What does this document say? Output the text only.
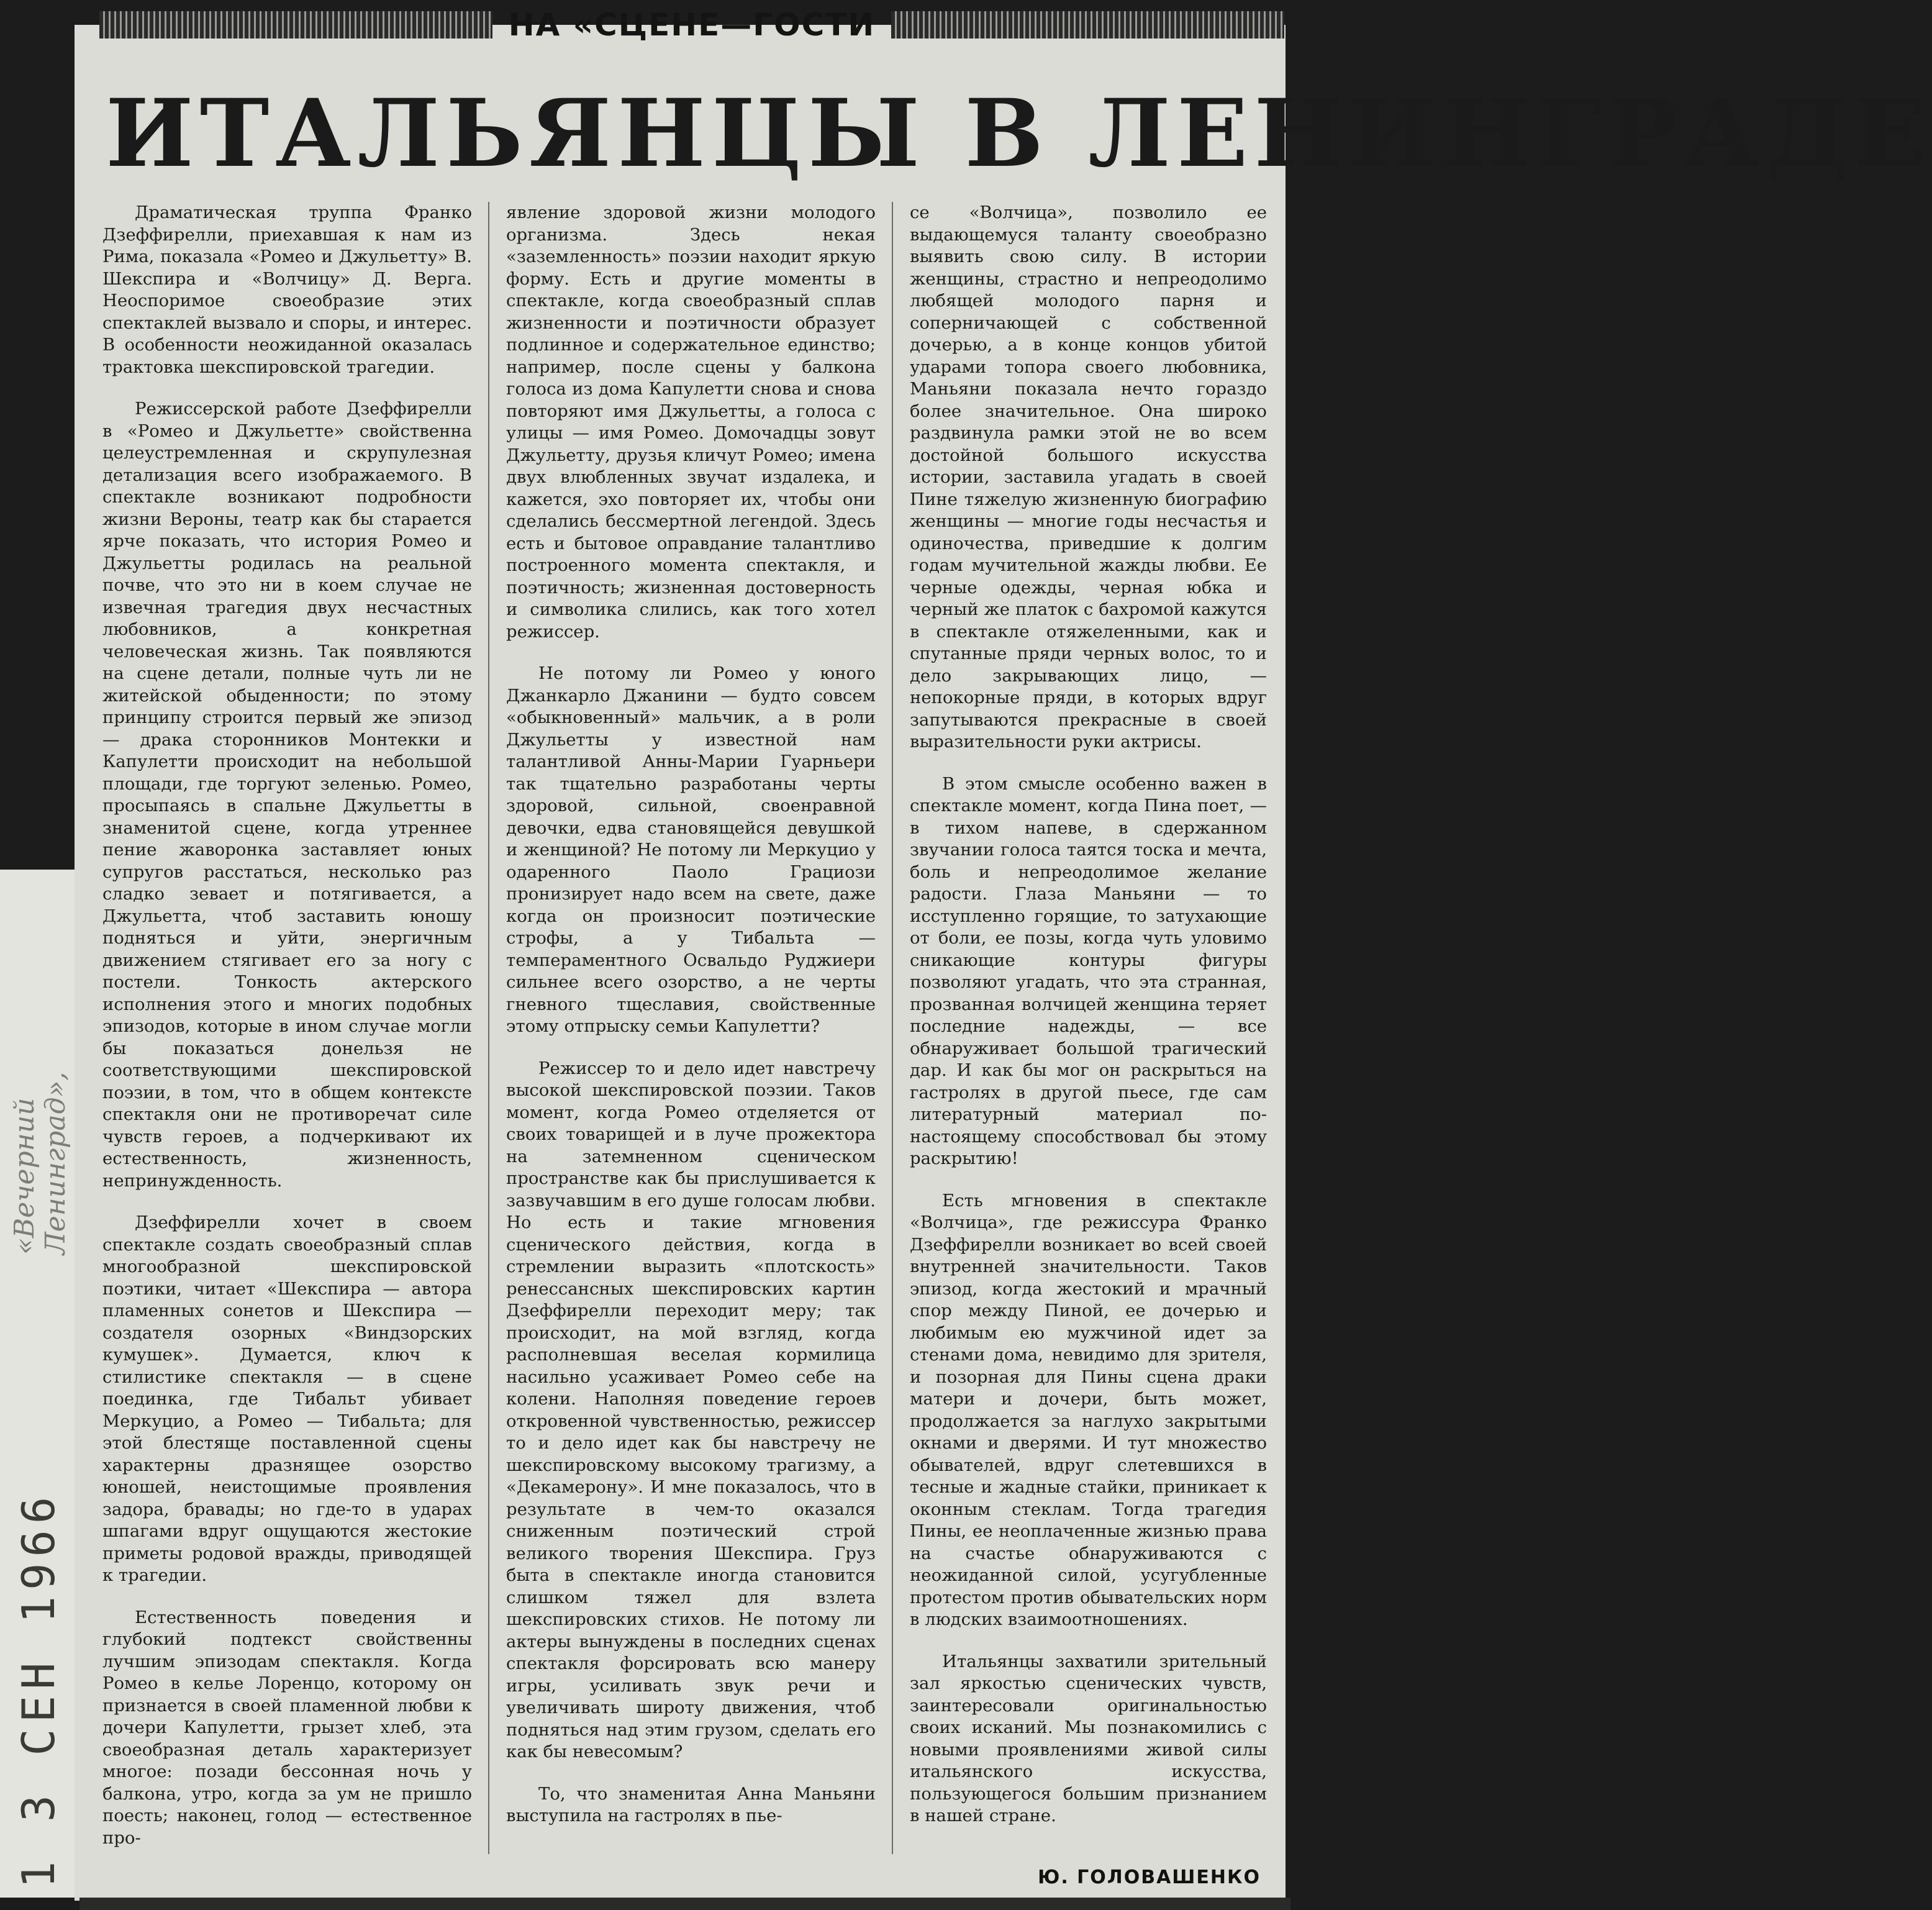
«Вечерний Ленинград»,

1 3 СЕН 1966
НА «СЦЕНЕ—ГОСТИ
ИТАЛЬЯНЦЫ В ЛЕНИНГРАДЕ

Драматическая труппа Франко Дзеффирелли, приехавшая к нам из Рима, показала «Ромео и Джульетту» В. Шекспира и «Волчицу» Д. Верга. Неоспоримое своеобразие этих спектаклей вызвало и споры, и интерес. В особенности неожиданной оказалась трактовка шекспировской трагедии.

Режиссерской работе Дзеффирелли в «Ромео и Джульетте» свойственна целеустремленная и скрупулезная детализация всего изображаемого. В спектакле возникают подробности жизни Вероны, театр как бы старается ярче показать, что история Ромео и Джульетты родилась на реальной почве, что это ни в коем случае не извечная трагедия двух несчастных любовников, а конкретная человеческая жизнь. Так появляются на сцене детали, полные чуть ли не житейской обыденности; по этому принципу строится первый же эпизод — драка сторонников Монтекки и Капулетти происходит на небольшой площади, где торгуют зеленью. Ромео, просыпаясь в спальне Джульетты в знаменитой сцене, когда утреннее пение жаворонка заставляет юных супругов расстаться, несколько раз сладко зевает и потягивается, а Джульетта, чтоб заставить юношу подняться и уйти, энергичным движением стягивает его за ногу с постели. Тонкость актерского исполнения этого и многих подобных эпизодов, которые в ином случае могли бы показаться донельзя не соответствующими шекспировской поэзии, в том, что в общем контексте спектакля они не противоречат силе чувств героев, а подчеркивают их естественность, жизненность, непринужденность.

Дзеффирелли хочет в своем спектакле создать своеобразный сплав многообразной шекспировской поэтики, читает «Шекспира — автора пламенных сонетов и Шекспира — создателя озорных «Виндзорских кумушек». Думается, ключ к стилистике спектакля — в сцене поединка, где Тибальт убивает Меркуцио, а Ромео — Тибальта; для этой блестяще поставленной сцены характерны дразнящее озорство юношей, неистощимые проявления задора, бравады; но где-то в ударах шпагами вдруг ощущаются жестокие приметы родовой вражды, приводящей к трагедии.

Естественность поведения и глубокий подтекст свойственны лучшим эпизодам спектакля. Когда Ромео в келье Лоренцо, которому он признается в своей пламенной любви к дочери Капулетти, грызет хлеб, эта своеобразная деталь характеризует многое: позади бессонная ночь у балкона, утро, когда за ум не пришло поесть; наконец, голод — естественное про-

явление здоровой жизни молодого организма. Здесь некая «заземленность» поэзии находит яркую форму. Есть и другие моменты в спектакле, когда своеобразный сплав жизненности и поэтичности образует подлинное и содержательное единство; например, после сцены у балкона голоса из дома Капулетти снова и снова повторяют имя Джульетты, а голоса с улицы — имя Ромео. Домочадцы зовут Джульетту, друзья кличут Ромео; имена двух влюбленных звучат издалека, и кажется, эхо повторяет их, чтобы они сделались бессмертной легендой. Здесь есть и бытовое оправдание талантливо построенного момента спектакля, и поэтичность; жизненная достоверность и символика слились, как того хотел режиссер.

Не потому ли Ромео у юного Джанкарло Джанини — будто совсем «обыкновенный» мальчик, а в роли Джульетты у известной нам талантливой Анны-Марии Гуарньери так тщательно разработаны черты здоровой, сильной, своенравной девочки, едва становящейся девушкой и женщиной? Не потому ли Меркуцио у одаренного Паоло Грациози пронизирует надо всем на свете, даже когда он произносит поэтические строфы, а у Тибальта — темпераментного Освальдо Руджиери сильнее всего озорство, а не черты гневного тщеславия, свойственные этому отпрыску семьи Капулетти?

Режиссер то и дело идет навстречу высокой шекспировской поэзии. Таков момент, когда Ромео отделяется от своих товарищей и в луче прожектора на затемненном сценическом пространстве как бы прислушивается к зазвучавшим в его душе голосам любви. Но есть и такие мгновения сценического действия, когда в стремлении выразить «плотскость» ренессансных шекспировских картин Дзеффирелли переходит меру; так происходит, на мой взгляд, когда располневшая веселая кормилица насильно усаживает Ромео себе на колени. Наполняя поведение героев откровенной чувственностью, режиссер то и дело идет как бы навстречу не шекспировскому высокому трагизму, а «Декамерону». И мне показалось, что в результате в чем-то оказался сниженным поэтический строй великого творения Шекспира. Груз быта в спектакле иногда становится слишком тяжел для взлета шекспировских стихов. Не потому ли актеры вынуждены в последних сценах спектакля форсировать всю манеру игры, усиливать звук речи и увеличивать широту движения, чтоб подняться над этим грузом, сделать его как бы невесомым?

То, что знаменитая Анна Маньяни выступила на гастролях в пье-

се «Волчица», позволило ее выдающемуся таланту своеобразно выявить свою силу. В истории женщины, страстно и непреодолимо любящей молодого парня и соперничающей с собственной дочерью, а в конце концов убитой ударами топора своего любовника, Маньяни показала нечто гораздо более значительное. Она широко раздвинула рамки этой не во всем достойной большого искусства истории, заставила угадать в своей Пине тяжелую жизненную биографию женщины — многие годы несчастья и одиночества, приведшие к долгим годам мучительной жажды любви. Ее черные одежды, черная юбка и черный же платок с бахромой кажутся в спектакле отяжеленными, как и спутанные пряди черных волос, то и дело закрывающих лицо, — непокорные пряди, в которых вдруг запутываются прекрасные в своей выразительности руки актрисы.

В этом смысле особенно важен в спектакле момент, когда Пина поет, — в тихом напеве, в сдержанном звучании голоса таятся тоска и мечта, боль и непреодолимое желание радости. Глаза Маньяни — то исступленно горящие, то затухающие от боли, ее позы, когда чуть уловимо сникающие контуры фигуры позволяют угадать, что эта странная, прозванная волчицей женщина теряет последние надежды, — все обнаруживает большой трагический дар. И как бы мог он раскрыться на гастролях в другой пьесе, где сам литературный материал по-настоящему способствовал бы этому раскрытию!

Есть мгновения в спектакле «Волчица», где режиссура Франко Дзеффирелли возникает во всей своей внутренней значительности. Таков эпизод, когда жестокий и мрачный спор между Пиной, ее дочерью и любимым ею мужчиной идет за стенами дома, невидимо для зрителя, и позорная для Пины сцена драки матери и дочери, быть может, продолжается за наглухо закрытыми окнами и дверями. И тут множество обывателей, вдруг слетевшихся в тесные и жадные стайки, приникает к оконным стеклам. Тогда трагедия Пины, ее неоплаченные жизнью права на счастье обнаруживаются с неожиданной силой, усугубленные протестом против обывательских норм в людских взаимоотношениях.

Итальянцы захватили зрительный зал яркостью сценических чувств, заинтересовали оригинальностью своих исканий. Мы познакомились с новыми проявлениями живой силы итальянского искусства, пользующегося большим признанием в нашей стране.

Ю. ГОЛОВАШЕНКО
